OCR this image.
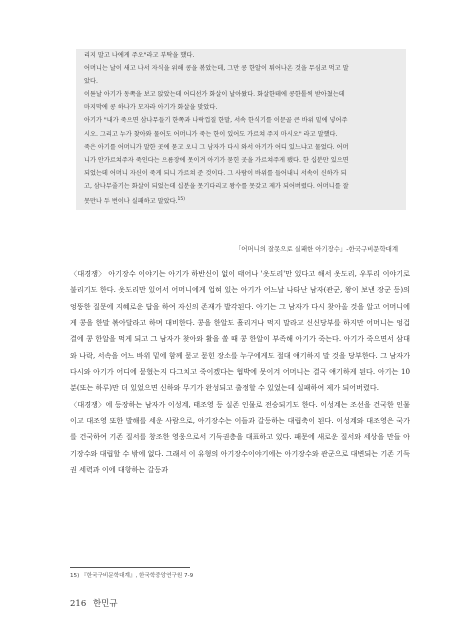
리지 말고 나에게 주오"라고 부탁을 했다.

어머니는 날이 새고 나서 자식을 위해 콩을 볶았는데, 그만 콩 한알이 튀어나온 것을 무심코 먹고 말

았다.

이튿날 아기가 동쪽을 보고 앉았는데 어디선가 화살이 날아왔다. 화살한테에 콩한톨씩 받아쳤는데

마지막에 콩 하나가 모자라 아기가 화살을 맞았다.

아기가 "내가 죽으면 삼나무들기 한쪽과 나락껍질 한말, 서속 한식기를 이문골 큰 바위 밑에 넣어주

시오. 그리고 누가 찾아와 물어도 어머니가 죽는 한이 있어도 가르쳐 주지 마시오" 라고 말했다.

죽은 아기를 어머니가 말한 곳에 묻고 오니 그 남자가 다시 와서 아기가 어디 있느냐고 물었다. 어머

니가 안가르쳐주자 죽인다는 으름장에 못이겨 아기가 묻힌 곳을 가르쳐주게 됐다. 한 십분만 있으면

되었는데 어머니 자신이 죽게 되니 가르쳐 준 것이다. 그 사람이 바위를 들어내니 서속이 신하가 되

고, 삼나무줄기는 화살이 되었는데 십분을 못기다리고 왕수를 못갖고 제가 되어버렸다. 어머니를 잘

못만나 두 번이나 실패하고 말았다.$^{15)}$

「어머니의 잘못으로 실패한 아기장수」-한국구비문학대계

〈대경쟁〉 아기장수 이야기는 아기가 하반신이 없이 태어나 '옷도리'만 있다고 해서 옷도리, 우투리 이야기로 불리기도 한다. 옷도리만 있어서 어머니에게 업혀 있는 아기가 어느날 나타난 남자(관군, 왕이 보낸 장군 등)의 엉뚱한 질문에 지혜로운 답을 하여 자신의 존재가 발각된다. 아기는 그 남자가 다시 찾아올 것을 알고 어머니에게 콩을 한말 볶아달라고 하며 대비한다. 콩을 한알도 흘리거나 먹지 말라고 신신당부를 하지만 어머니는 엉겁결에 콩 한알을 먹게 되고 그 남자가 찾아와 활을 쏠 때 콩 한알이 부족해 아기가 죽는다. 아기가 죽으면서 삼대와 나락, 서속을 어느 바위 밑에 함께 묻고 묻힌 장소를 누구에게도 절대 얘기하지 말 것을 당부한다. 그 남자가 다시와 아기가 어디에 묻혔는지 다그치고 죽이겠다는 협박에 못이겨 어머니는 결국 얘기하게 된다. 아기는 10분(또는 하루)만 더 있었으면 신하와 무기가 완성되고 출정할 수 있었는데 실패하여 제가 되어버렸다.

〈대경쟁〉에 등장하는 남자가 이성계, 태조영 등 실존 인물로 전승되기도 한다. 이성계는 조선을 건국한 인물이고 대조영 또한 발해를 세운 사람으로, 아기장수는 이들과 갈등하는 대립축이 된다. 이성계와 대조영은 국가를 건국하여 기존 질서를 창조한 영웅으로서 기득권층을 대표하고 있다. 패문에 새로운 질서와 세상을 만들 아기장수와 대립할 수 밖에 없다. 그래서 이 유형의 아기장수이야기에는 아기장수와 관군으로 대변되는 기존 기득권 세력과 이에 대항하는 갈등과

15) 『한국구비문학대계』, 한국학중앙연구원 7-9
216 한민규
